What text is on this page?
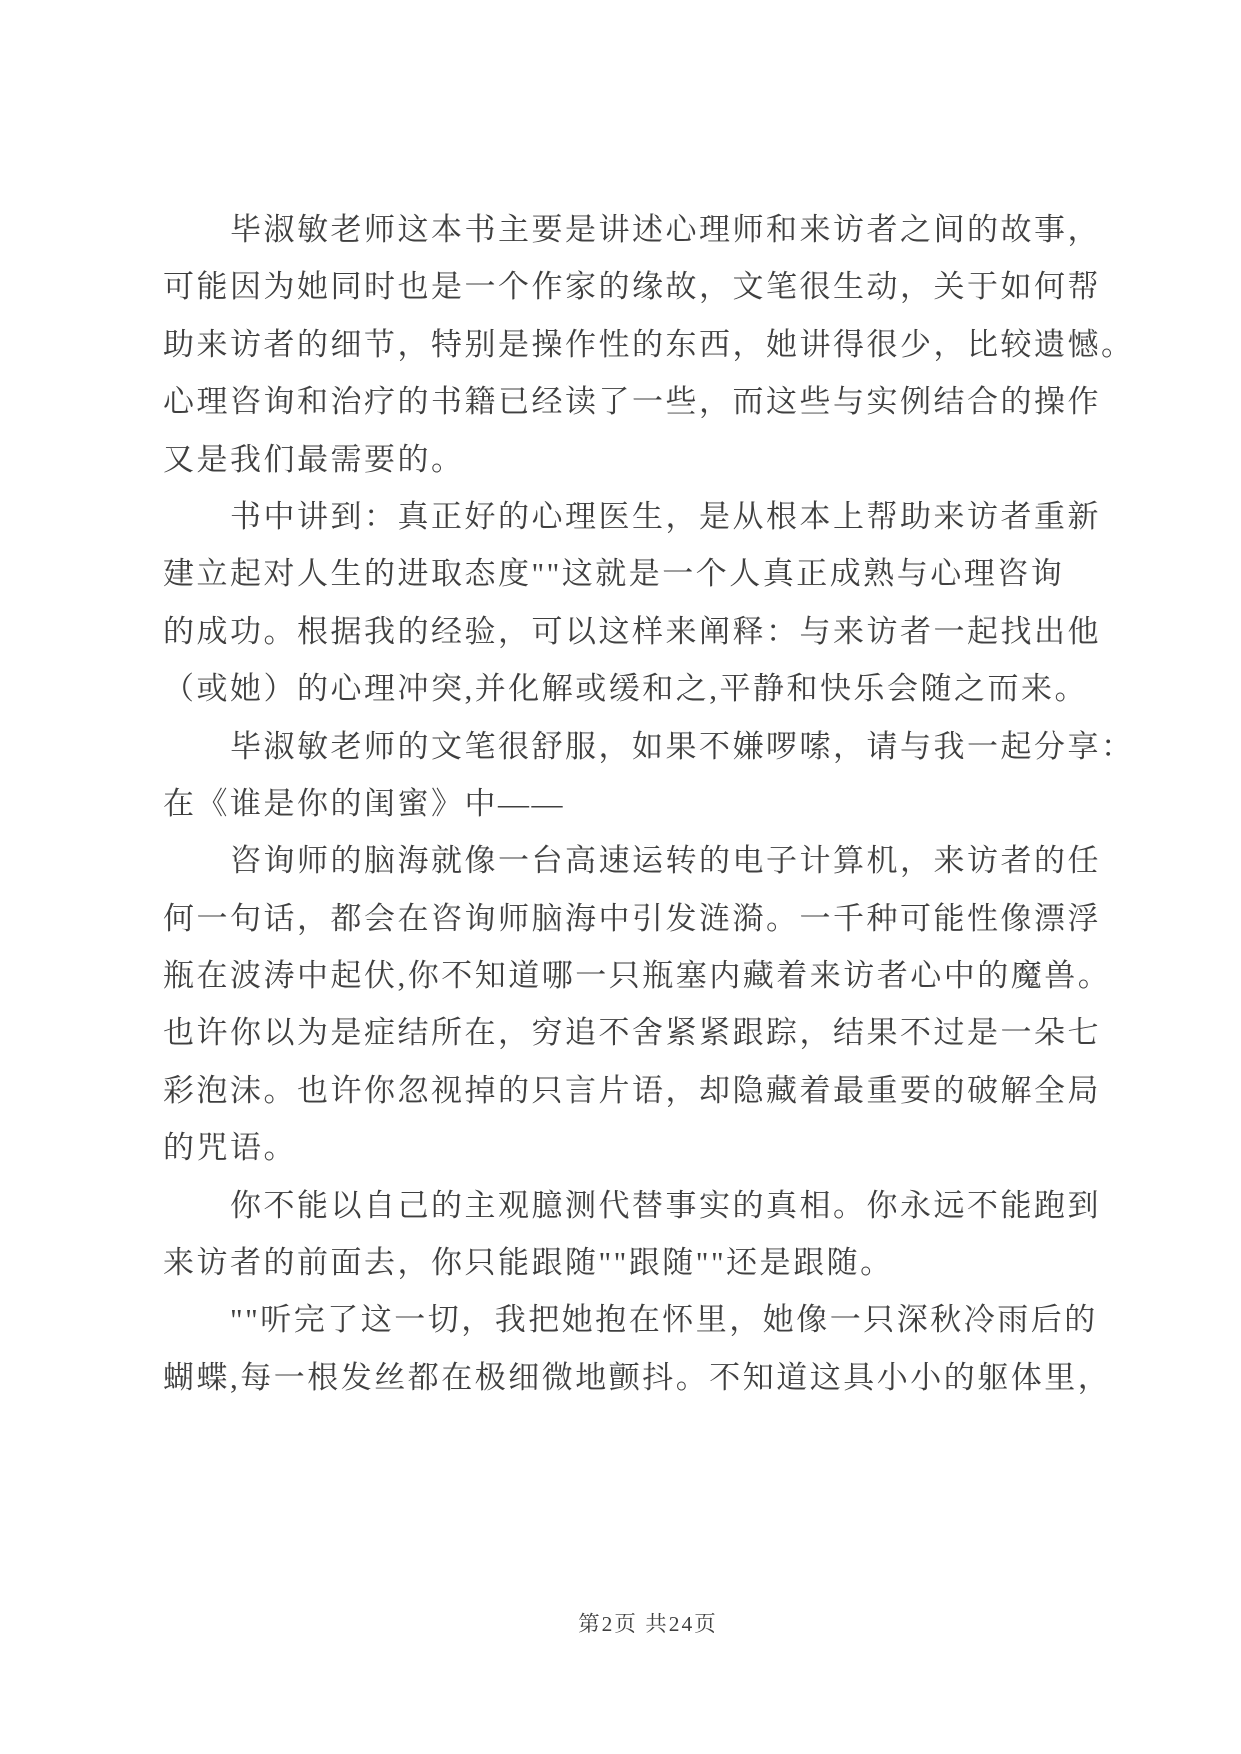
毕淑敏老师这本书主要是讲述心理师和来访者之间的故事，
可能因为她同时也是一个作家的缘故，文笔很生动，关于如何帮
助来访者的细节，特别是操作性的东西，她讲得很少，比较遗憾。
心理咨询和治疗的书籍已经读了一些，而这些与实例结合的操作
又是我们最需要的。
书中讲到：真正好的心理医生，是从根本上帮助来访者重新
建立起对人生的进取态度""这就是一个人真正成熟与心理咨询
的成功。根据我的经验，可以这样来阐释：与来访者一起找出他
（或她）的心理冲突,并化解或缓和之,平静和快乐会随之而来。
毕淑敏老师的文笔很舒服，如果不嫌啰嗦，请与我一起分享：
在《谁是你的闺蜜》中——
咨询师的脑海就像一台高速运转的电子计算机，来访者的任
何一句话，都会在咨询师脑海中引发涟漪。一千种可能性像漂浮
瓶在波涛中起伏,你不知道哪一只瓶塞内藏着来访者心中的魔兽。
也许你以为是症结所在，穷追不舍紧紧跟踪，结果不过是一朵七
彩泡沫。也许你忽视掉的只言片语，却隐藏着最重要的破解全局
的咒语。
你不能以自己的主观臆测代替事实的真相。你永远不能跑到
来访者的前面去，你只能跟随""跟随""还是跟随。
""听完了这一切，我把她抱在怀里，她像一只深秋冷雨后的
蝴蝶,每一根发丝都在极细微地颤抖。不知道这具小小的躯体里，
第2页 共24页
